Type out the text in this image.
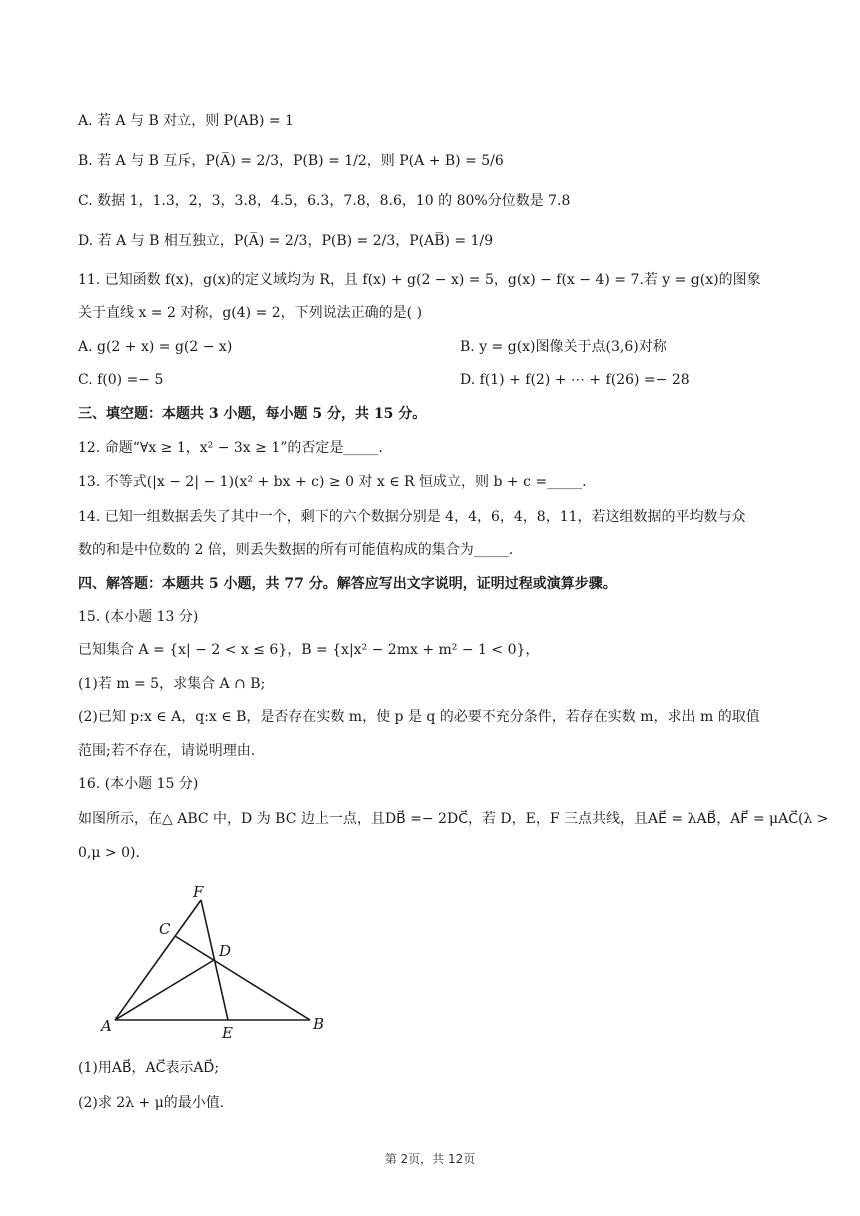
A. 若 A 与 B 对立，则 P(AB) = 1
B. 若 A 与 B 互斥，P(A̅) = 2/3，P(B) = 1/2，则 P(A + B) = 5/6
C. 数据 1，1.3，2，3，3.8，4.5，6.3，7.8，8.6，10 的 80%分位数是 7.8
D. 若 A 与 B 相互独立，P(A̅) = 2/3，P(B) = 2/3，P(AB̅) = 1/9
11. 已知函数 f(x)，g(x)的定义域均为 R，且 f(x) + g(2 − x) = 5，g(x) − f(x − 4) = 7.若 y = g(x)的图象
关于直线 x = 2 对称，g(4) = 2，下列说法正确的是( )
A. g(2 + x) = g(2 − x)	B. y = g(x)图像关于点(3,6)对称
C. f(0) =− 5	D. f(1) + f(2) + ⋯ + f(26) =− 28
三、填空题：本题共 3 小题，每小题 5 分，共 15 分。
12. 命题“∀x ≥ 1，x² − 3x ≥ 1”的否定是_____.
13. 不等式(|x − 2| − 1)(x² + bx + c) ≥ 0 对 x ∈ R 恒成立，则 b + c =_____.
14. 已知一组数据丢失了其中一个，剩下的六个数据分别是 4，4，6，4，8，11，若这组数据的平均数与众
数的和是中位数的 2 倍，则丢失数据的所有可能值构成的集合为_____.
四、解答题：本题共 5 小题，共 77 分。解答应写出文字说明，证明过程或演算步骤。
15. (本小题 13 分)
已知集合 A = {x| − 2 < x ≤ 6}，B = {x|x² − 2mx + m² − 1 < 0}，
(1)若 m = 5，求集合 A ∩ B;
(2)已知 p:x ∈ A，q:x ∈ B，是否存在实数 m，使 p 是 q 的必要不充分条件，若存在实数 m，求出 m 的取值
范围;若不存在，请说明理由.
16. (本小题 15 分)
如图所示，在△ ABC 中，D 为 BC 边上一点，且DB⃗ =− 2DC⃗，若 D，E，F 三点共线，且AE⃗ = λAB⃗，AF⃗ = μAC⃗(λ >
0,μ > 0).
F
C
D
A	E	B
(1)用AB⃗，AC⃗表示AD⃗;
(2)求 2λ + μ的最小值.
第 2页，共 12页
